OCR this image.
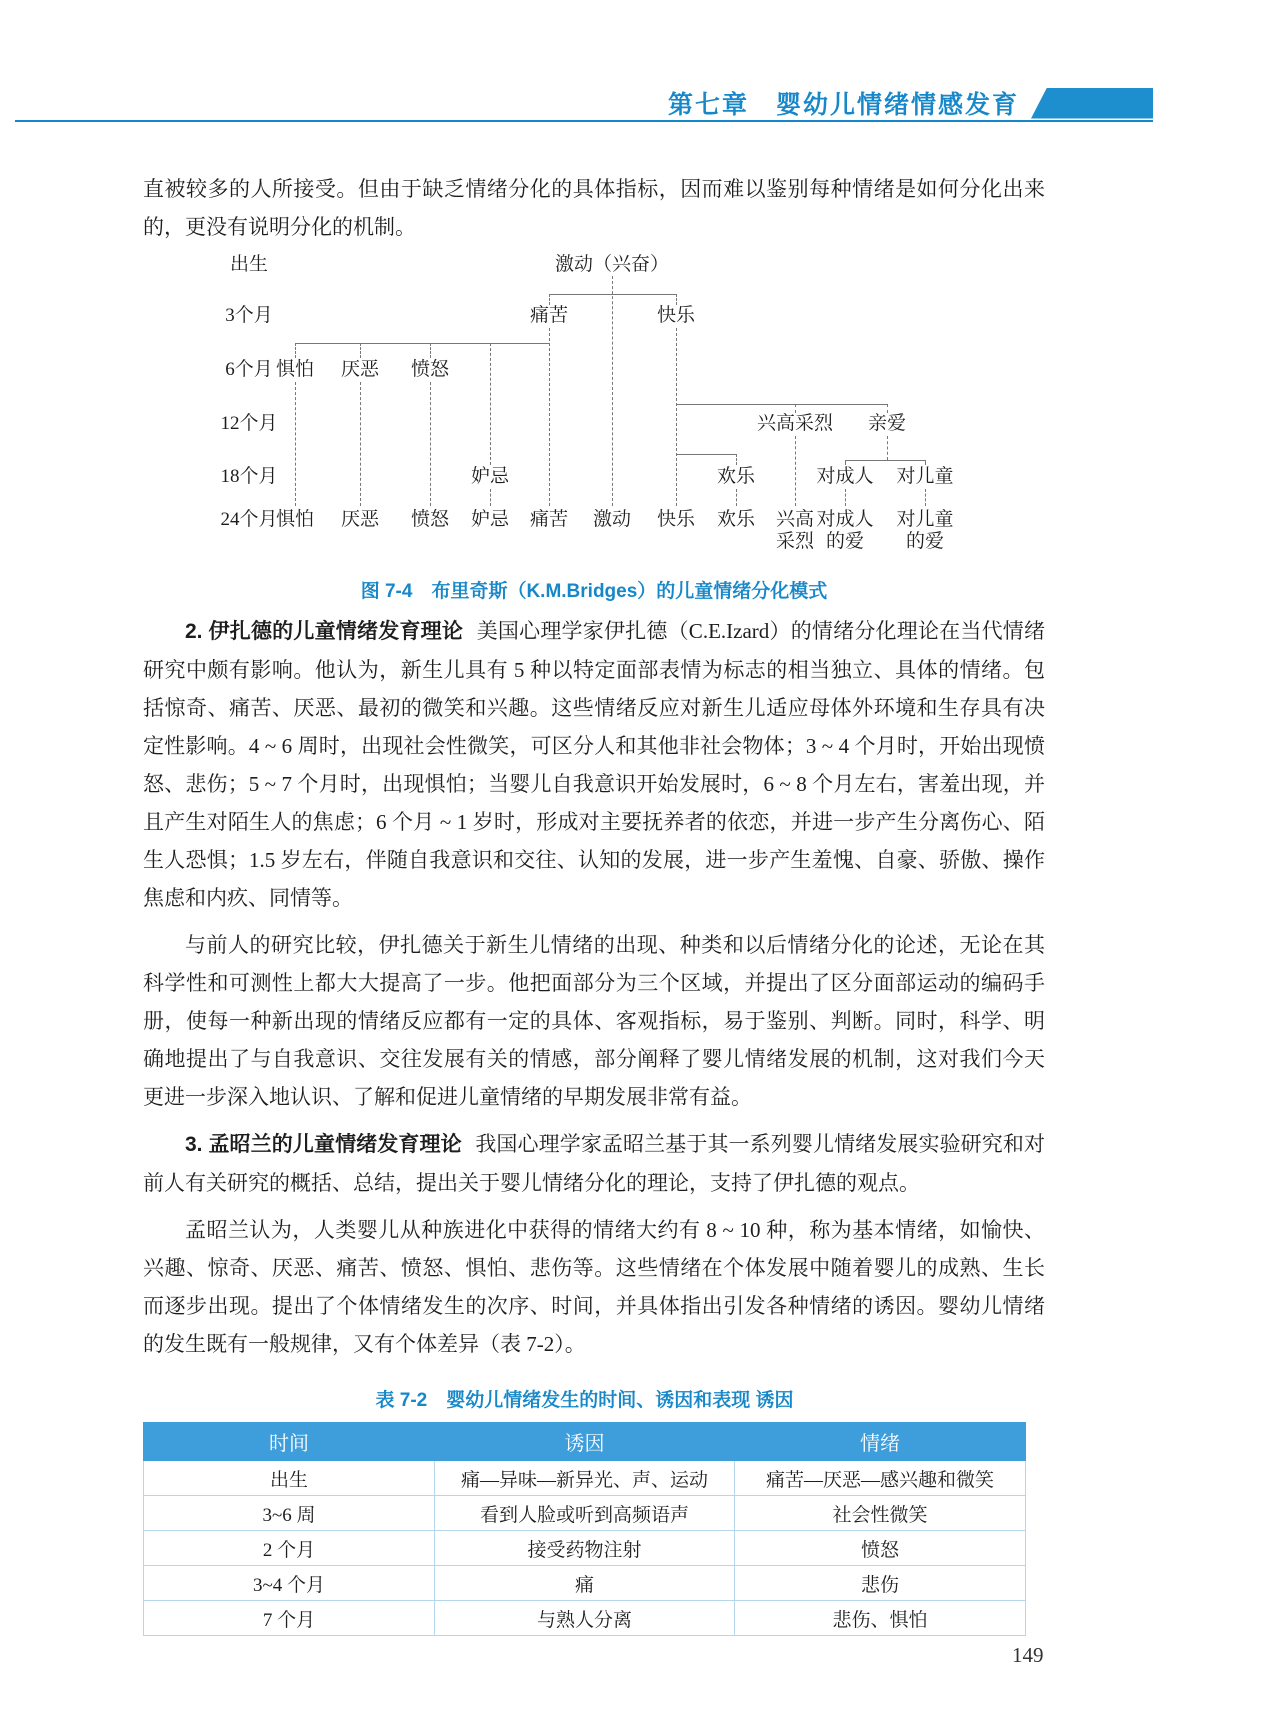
第七章　婴幼儿情绪情感发育

直被较多的人所接受。但由于缺乏情绪分化的具体指标，因而难以鉴别每种情绪是如何分化出来的，更没有说明分化的机制。

出生
3个月
6个月
12个月
18个月
24个月
激动（兴奋）
痛苦	快乐
惧怕 厌恶 愤怒
兴高采烈	亲爱
妒忌	欢乐	对成人 对儿童
惧怕 厌恶 愤怒 妒忌 痛苦 激动 快乐 欢乐 兴高采烈
对成人的爱
对儿童的爱
图 7-4　布里奇斯（K.M.Bridges）的儿童情绪分化模式

2. 伊扎德的儿童情绪发育理论 美国心理学家伊扎德（C.E.Izard）的情绪分化理论在当代情绪研究中颇有影响。他认为，新生儿具有 5 种以特定面部表情为标志的相当独立、具体的情绪。包括惊奇、痛苦、厌恶、最初的微笑和兴趣。这些情绪反应对新生儿适应母体外环境和生存具有决定性影响。4 ~ 6 周时，出现社会性微笑，可区分人和其他非社会物体；3 ~ 4 个月时，开始出现愤怒、悲伤；5 ~ 7 个月时，出现惧怕；当婴儿自我意识开始发展时，6 ~ 8 个月左右，害羞出现，并且产生对陌生人的焦虑；6 个月 ~ 1 岁时，形成对主要抚养者的依恋，并进一步产生分离伤心、陌生人恐惧；1.5 岁左右，伴随自我意识和交往、认知的发展，进一步产生羞愧、自豪、骄傲、操作焦虑和内疚、同情等。

与前人的研究比较，伊扎德关于新生儿情绪的出现、种类和以后情绪分化的论述，无论在其科学性和可测性上都大大提高了一步。他把面部分为三个区域，并提出了区分面部运动的编码手册，使每一种新出现的情绪反应都有一定的具体、客观指标，易于鉴别、判断。同时，科学、明确地提出了与自我意识、交往发展有关的情感，部分阐释了婴儿情绪发展的机制，这对我们今天更进一步深入地认识、了解和促进儿童情绪的早期发展非常有益。

3. 孟昭兰的儿童情绪发育理论 我国心理学家孟昭兰基于其一系列婴儿情绪发展实验研究和对前人有关研究的概括、总结，提出关于婴儿情绪分化的理论，支持了伊扎德的观点。

孟昭兰认为，人类婴儿从种族进化中获得的情绪大约有 8 ~ 10 种，称为基本情绪，如愉快、兴趣、惊奇、厌恶、痛苦、愤怒、惧怕、悲伤等。这些情绪在个体发展中随着婴儿的成熟、生长而逐步出现。提出了个体情绪发生的次序、时间，并具体指出引发各种情绪的诱因。婴幼儿情绪的发生既有一般规律，又有个体差异（表 7-2）。

表 7-2　婴幼儿情绪发生的时间、诱因和表现 诱因
时间	诱因	情绪
出生	痛—异味—新异光、声、运动	痛苦—厌恶—感兴趣和微笑
3~6 周	看到人脸或听到高频语声	社会性微笑
2 个月	接受药物注射	愤怒
3~4 个月	痛	悲伤
7 个月	与熟人分离	悲伤、惧怕
149
